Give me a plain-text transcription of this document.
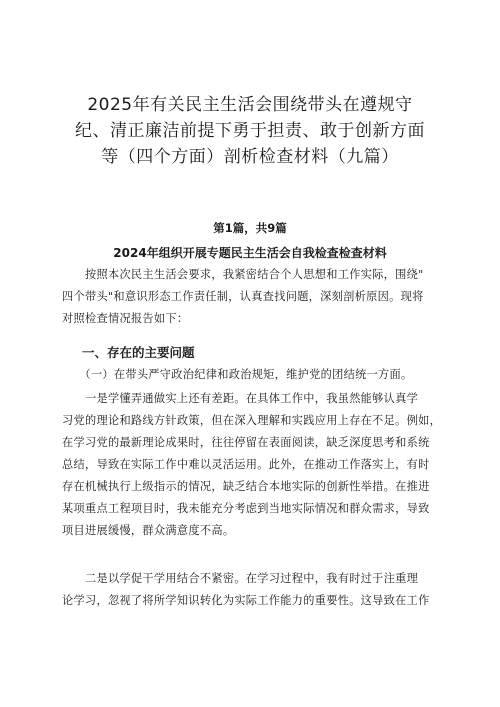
2025年有关民主生活会围绕带头在遵规守
纪、清正廉洁前提下勇于担责、敢于创新方面
等（四个方面）剖析检查材料（九篇）

第1篇，共9篇

2024年组织开展专题民主生活会自我检查检查材料

　　按照本次民主生活会要求，我紧密结合个人思想和工作实际，围绕"
四个带头"和意识形态工作责任制，认真查找问题，深刻剖析原因。现将
对照检查情况报告如下：

一、存在的主要问题

　　（一）在带头严守政治纪律和政治规矩，维护党的团结统一方面。

　　一是学懂弄通做实上还有差距。在具体工作中，我虽然能够认真学
习党的理论和路线方针政策，但在深入理解和实践应用上存在不足。例如，
在学习党的最新理论成果时，往往停留在表面阅读，缺乏深度思考和系统
总结，导致在实际工作中难以灵活运用。此外，在推动工作落实上，有时
存在机械执行上级指示的情况，缺乏结合本地实际的创新性举措。在推进
某项重点工程项目时，我未能充分考虑到当地实际情况和群众需求，导致
项目进展缓慢，群众满意度不高。

　　二是以学促干学用结合不紧密。在学习过程中，我有时过于注重理
论学习，忽视了将所学知识转化为实际工作能力的重要性。这导致在工作
